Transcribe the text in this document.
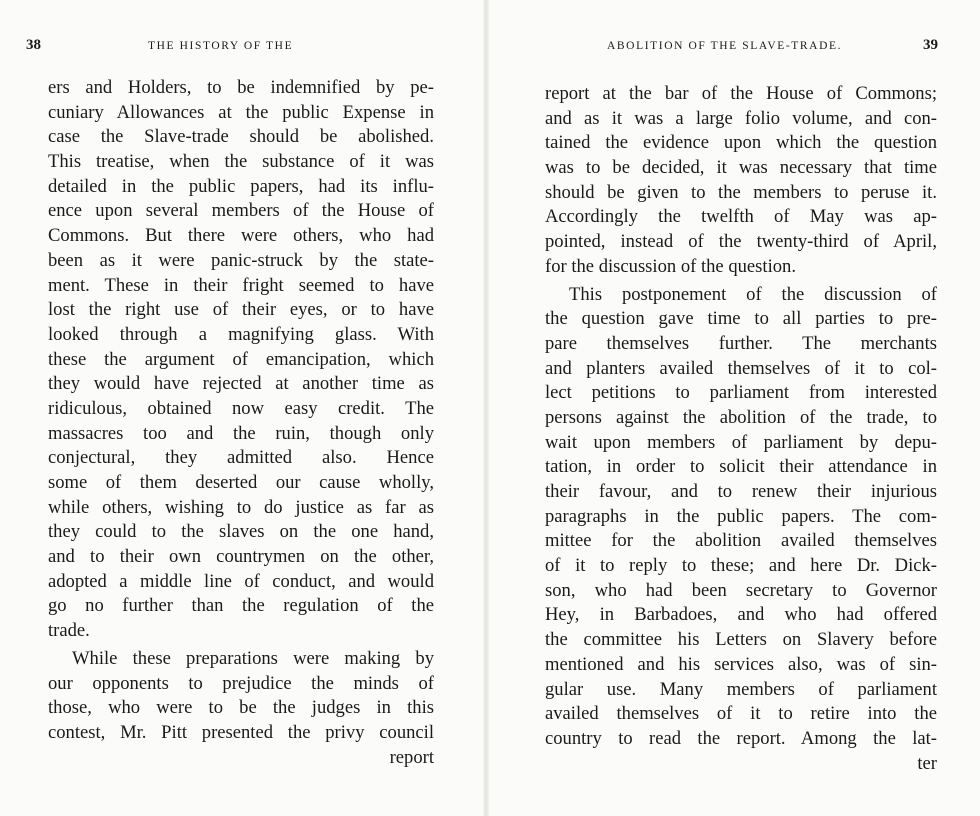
38	THE HISTORY OF THE
ers and Holders, to be indemnified by pe-
cuniary Allowances at the public Expense in
case the Slave-trade should be abolished.
This treatise, when the substance of it was
detailed in the public papers, had its influ-
ence upon several members of the House of
Commons. But there were others, who had
been as it were panic-struck by the state-
ment. These in their fright seemed to have
lost the right use of their eyes, or to have
looked through a magnifying glass. With
these the argument of emancipation, which
they would have rejected at another time as
ridiculous, obtained now easy credit. The
massacres too and the ruin, though only
conjectural, they admitted also. Hence
some of them deserted our cause wholly,
while others, wishing to do justice as far as
they could to the slaves on the one hand,
and to their own countrymen on the other,
adopted a middle line of conduct, and would
go no further than the regulation of the
trade.
While these preparations were making by
our opponents to prejudice the minds of
those, who were to be the judges in this
contest, Mr. Pitt presented the privy council
report
ABOLITION OF THE SLAVE-TRADE.	39
report at the bar of the House of Commons;
and as it was a large folio volume, and con-
tained the evidence upon which the question
was to be decided, it was necessary that time
should be given to the members to peruse it.
Accordingly the twelfth of May was ap-
pointed, instead of the twenty-third of April,
for the discussion of the question.
This postponement of the discussion of
the question gave time to all parties to pre-
pare themselves further. The merchants
and planters availed themselves of it to col-
lect petitions to parliament from interested
persons against the abolition of the trade, to
wait upon members of parliament by depu-
tation, in order to solicit their attendance in
their favour, and to renew their injurious
paragraphs in the public papers. The com-
mittee for the abolition availed themselves
of it to reply to these; and here Dr. Dick-
son, who had been secretary to Governor
Hey, in Barbadoes, and who had offered
the committee his Letters on Slavery before
mentioned and his services also, was of sin-
gular use. Many members of parliament
availed themselves of it to retire into the
country to read the report. Among the lat-
ter
